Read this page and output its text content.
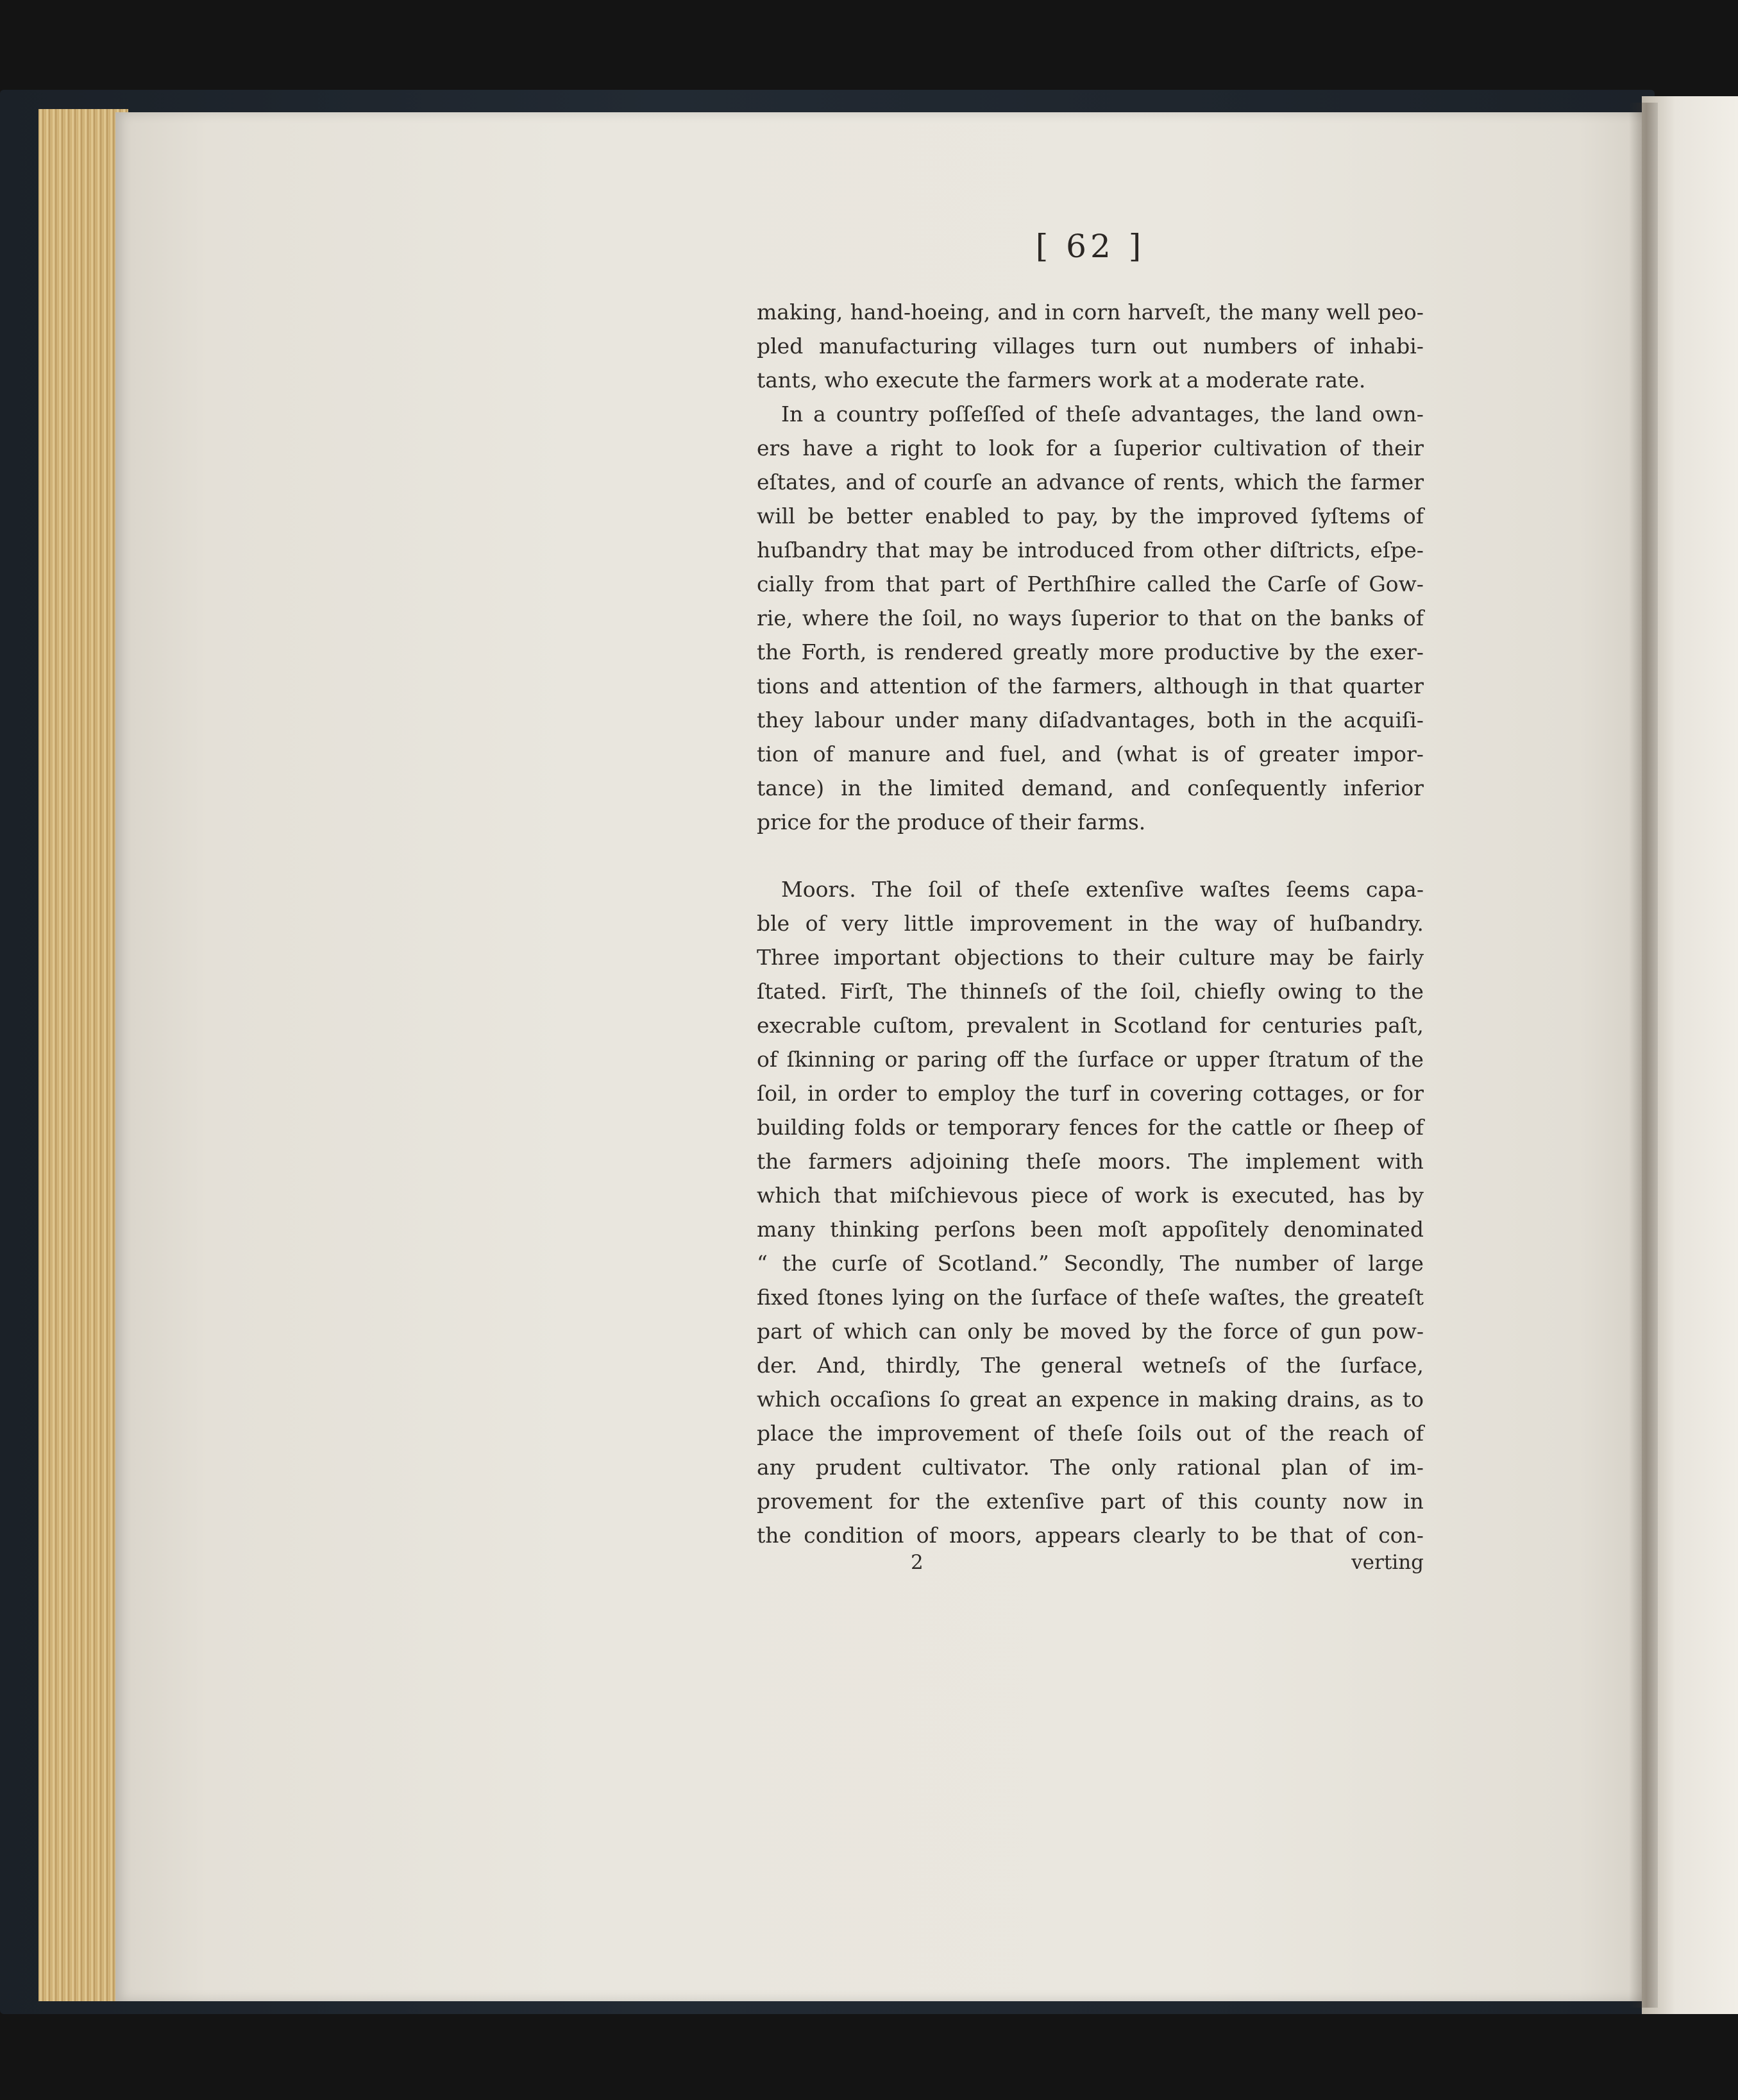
[ 62 ]
making, hand-hoeing, and in corn harveſt, the many well peo-
pled manufacturing villages turn out numbers of inhabi-
tants, who execute the farmers work at a moderate rate.
In a country poſſeſſed of theſe advantages, the land own-
ers have a right to look for a ſuperior cultivation of their
eſtates, and of courſe an advance of rents, which the farmer
will be better enabled to pay, by the improved ſyſtems of
huſbandry that may be introduced from other diſtricts, eſpe-
cially from that part of Perthſhire called the Carſe of Gow-
rie, where the ſoil, no ways ſuperior to that on the banks of
the Forth, is rendered greatly more productive by the exer-
tions and attention of the farmers, although in that quarter
they labour under many diſadvantages, both in the acquiſi-
tion of manure and fuel, and (what is of greater impor-
tance) in the limited demand, and conſequently inferior
price for the produce of their farms.
Moors. The ſoil of theſe extenſive waſtes ſeems capa-
ble of very little improvement in the way of huſbandry.
Three important objections to their culture may be fairly
ſtated. Firſt, The thinneſs of the ſoil, chiefly owing to the
execrable cuſtom, prevalent in Scotland for centuries paſt,
of ſkinning or paring off the ſurface or upper ſtratum of the
ſoil, in order to employ the turf in covering cottages, or for
building folds or temporary fences for the cattle or ſheep of
the farmers adjoining theſe moors. The implement with
which that miſchievous piece of work is executed, has by
many thinking perſons been moſt appoſitely denominated
“ the curſe of Scotland.” Secondly, The number of large
fixed ſtones lying on the ſurface of theſe waſtes, the greateſt
part of which can only be moved by the force of gun pow-
der. And, thirdly, The general wetneſs of the ſurface,
which occaſions ſo great an expence in making drains, as to
place the improvement of theſe ſoils out of the reach of
any prudent cultivator. The only rational plan of im-
provement for the extenſive part of this county now in
the condition of moors, appears clearly to be that of con-
2	verting
